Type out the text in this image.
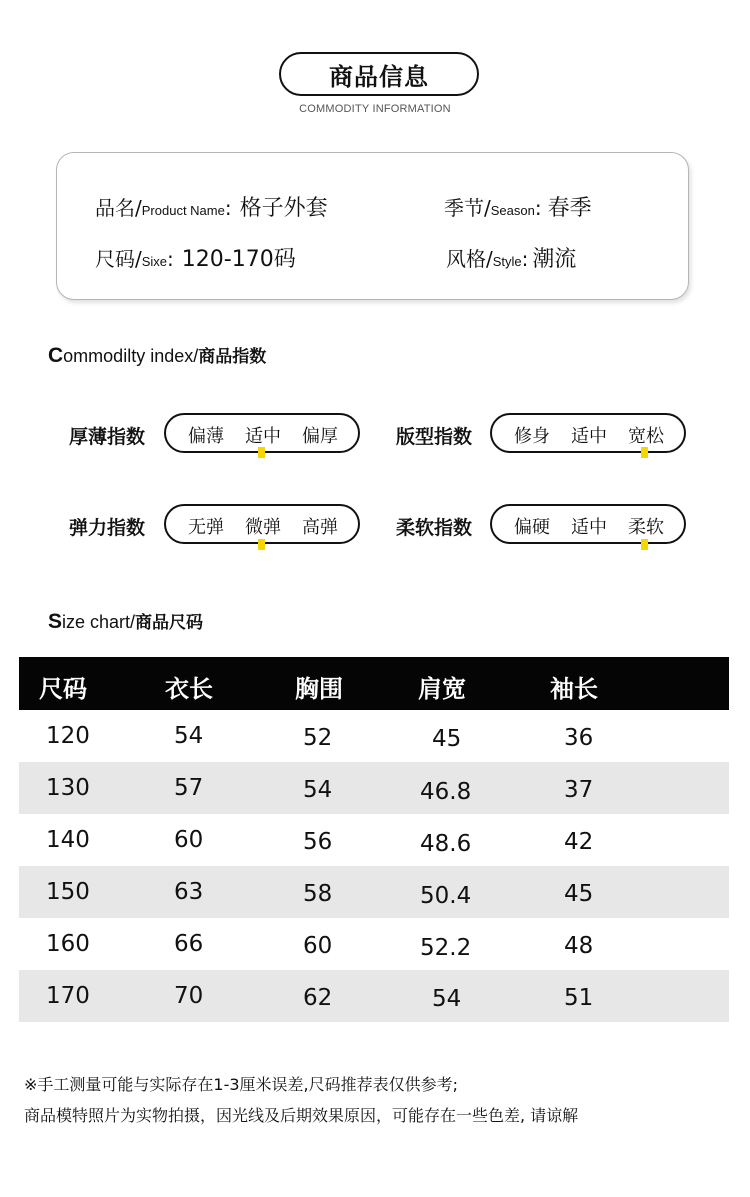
商品信息
COMMODITY INFORMATION
品名/ Product Name : 格子外套	季节/ Season : 春季
尺码/ Sixe : 120-170码	风格/ Style : 潮流
Commodilty index/商品指数
厚薄指数	偏薄	适中	偏厚	版型指数	修身	适中	宽松
弹力指数	无弹	微弹	高弹	柔软指数	偏硬	适中	柔软
Size chart/商品尺码
尺码	衣长	胸围	肩宽	袖长
120	54	52	45	36
130	57	54	46.8	37
140	60	56	48.6	42
150	63	58	50.4	45
160	66	60	52.2	48
170	70	62	54	51
※手工测量可能与实际存在1-3厘米误差,尺码推荐表仅供参考;
商品模特照片为实物拍摄，因光线及后期效果原因，可能存在一些色差, 请谅解
